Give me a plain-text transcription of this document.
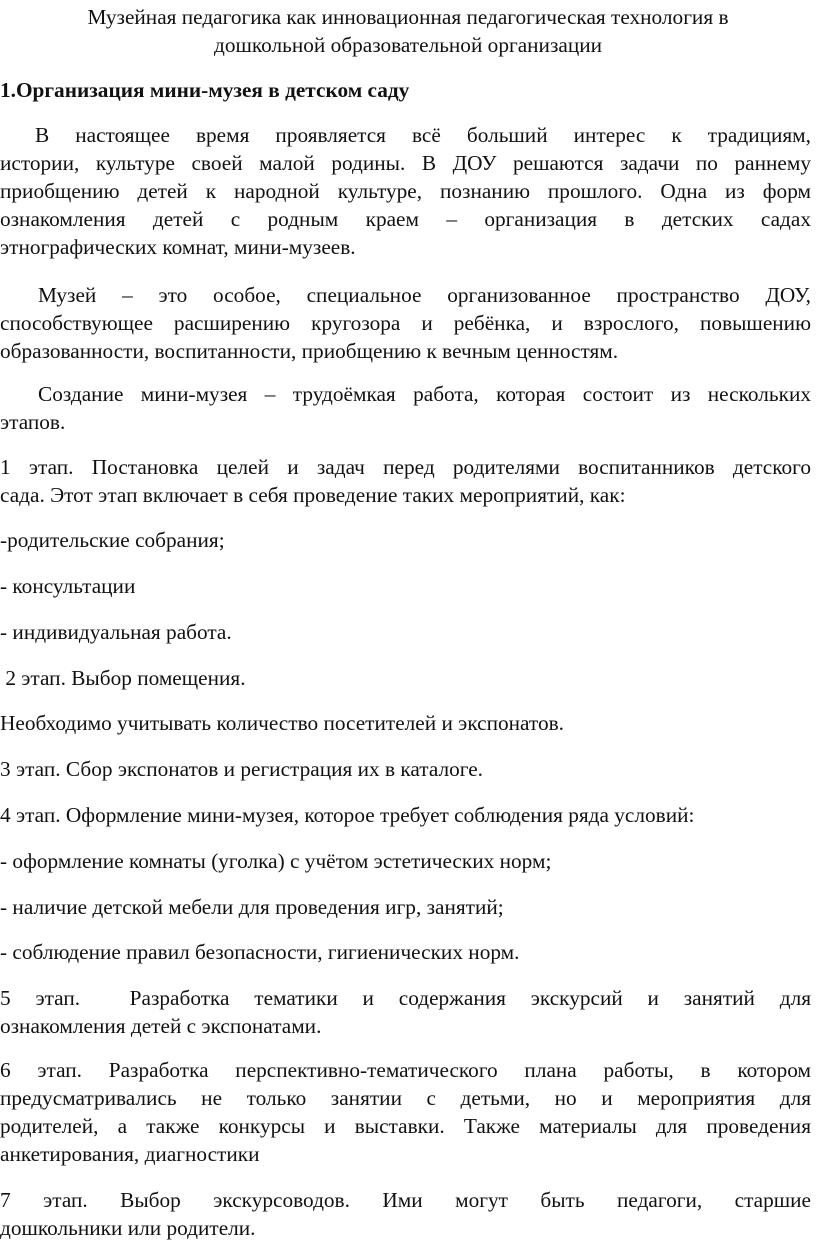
Музейная педагогика как инновационная педагогическая технология в
дошкольной образовательной организации
1.Организация мини-музея в детском саду
В настоящее время проявляется всё больший интерес к традициям,
истории, культуре своей малой родины. В ДОУ решаются задачи по раннему
приобщению детей к народной культуре, познанию прошлого. Одна из форм
ознакомления детей с родным краем – организация в детских садах
этнографических комнат, мини-музеев.
Музей – это особое, специальное организованное пространство ДОУ,
способствующее расширению кругозора и ребёнка, и взрослого, повышению
образованности, воспитанности, приобщению к вечным ценностям.
Создание мини-музея – трудоёмкая работа, которая состоит из нескольких
этапов.
1 этап. Постановка целей и задач перед родителями воспитанников детского
сада. Этот этап включает в себя проведение таких мероприятий, как:
-родительские собрания;
- консультации
- индивидуальная работа.
2 этап. Выбор помещения.
Необходимо учитывать количество посетителей и экспонатов.
3 этап. Сбор экспонатов и регистрация их в каталоге.
4 этап. Оформление мини-музея, которое требует соблюдения ряда условий:
- оформление комнаты (уголка) с учётом эстетических норм;
- наличие детской мебели для проведения игр, занятий;
- соблюдение правил безопасности, гигиенических норм.
5 этап.  Разработка тематики и содержания экскурсий и занятий для
ознакомления детей с экспонатами.
6 этап. Разработка перспективно-тематического плана работы, в котором
предусматривались не только занятии с детьми, но и мероприятия для
родителей, а также конкурсы и выставки. Также материалы для проведения
анкетирования, диагностики
7 этап. Выбор экскурсоводов. Ими могут быть педагоги, старшие
дошкольники или родители.
